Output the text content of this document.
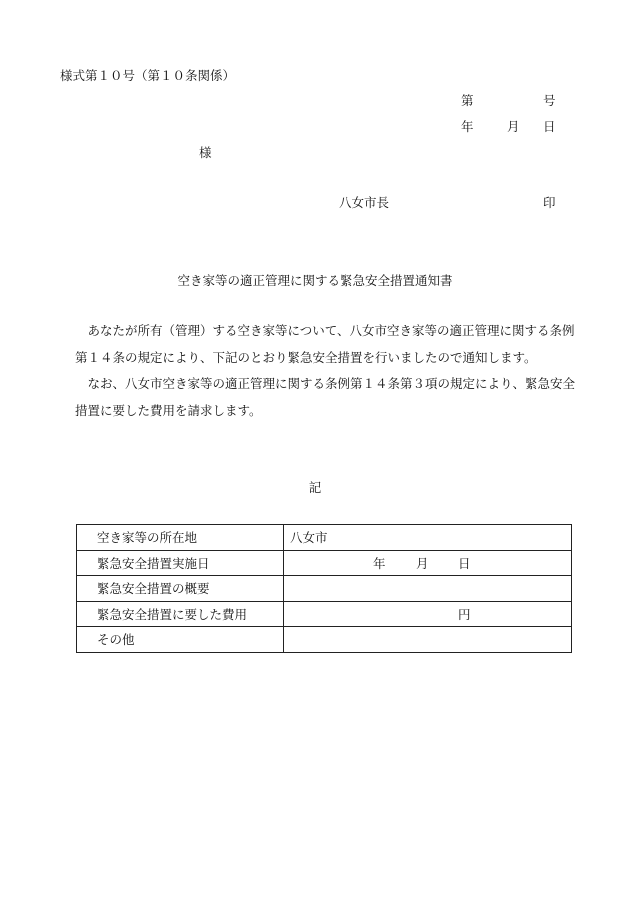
様式第１０号（第１０条関係）
第	号
年	月 日
様
八女市長	印
空き家等の適正管理に関する緊急安全措置通知書

あなたが所有（管理）する空き家等について、八女市空き家等の適正管理に関する条例第１４条の規定により、下記のとおり緊急安全措置を行いましたので通知します。

なお、八女市空き家等の適正管理に関する条例第１４条第３項の規定により、緊急安全措置に要した費用を請求します。

記
空き家等の所在地	八女市
緊急安全措置実施日	年 月 日

緊急安全措置の概要	
緊急安全措置に要した費用	円

その他	
